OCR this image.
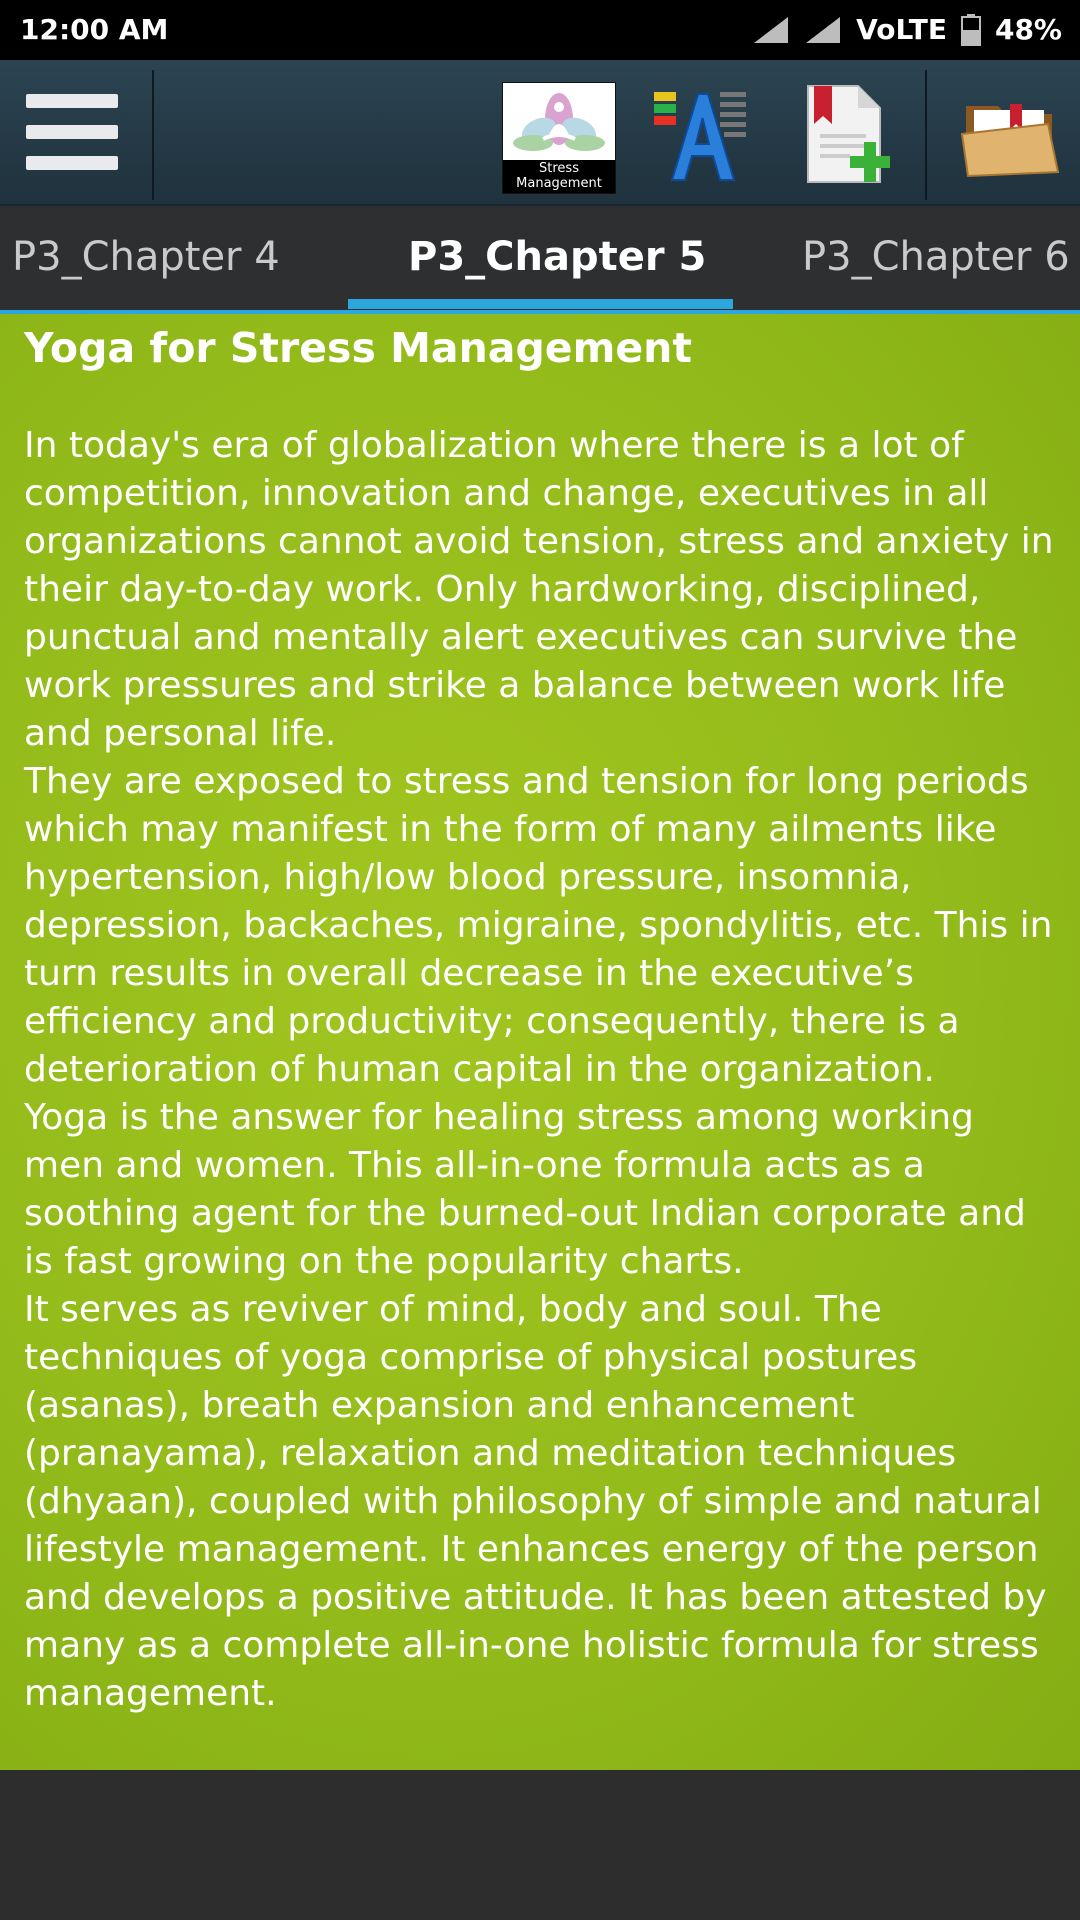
12:00 AM	VoLTE 48%
Stress
Management
P3_Chapter 4	P3_Chapter 5 P3_Chapter 6
Yoga for Stress Management

In today's era of globalization where there is a lot of competition, innovation and change, executives in all organizations cannot avoid tension, stress and anxiety in their day-to-day work. Only hardworking, disciplined, punctual and mentally alert executives can survive the work pressures and strike a balance between work life and personal life.

They are exposed to stress and tension for long periods which may manifest in the form of many ailments like hypertension, high/low blood pressure, insomnia, depression, backaches, migraine, spondylitis, etc. This in turn results in overall decrease in the executive’s efficiency and productivity; consequently, there is a deterioration of human capital in the organization.

Yoga is the answer for healing stress among working men and women. This all-in-one formula acts as a soothing agent for the burned-out Indian corporate and is fast growing on the popularity charts.

It serves as reviver of mind, body and soul. The techniques of yoga comprise of physical postures (asanas), breath expansion and enhancement (pranayama), relaxation and meditation techniques (dhyaan), coupled with philosophy of simple and natural lifestyle management. It enhances energy of the person and develops a positive attitude. It has been attested by many as a complete all-in-one holistic formula for stress management.
